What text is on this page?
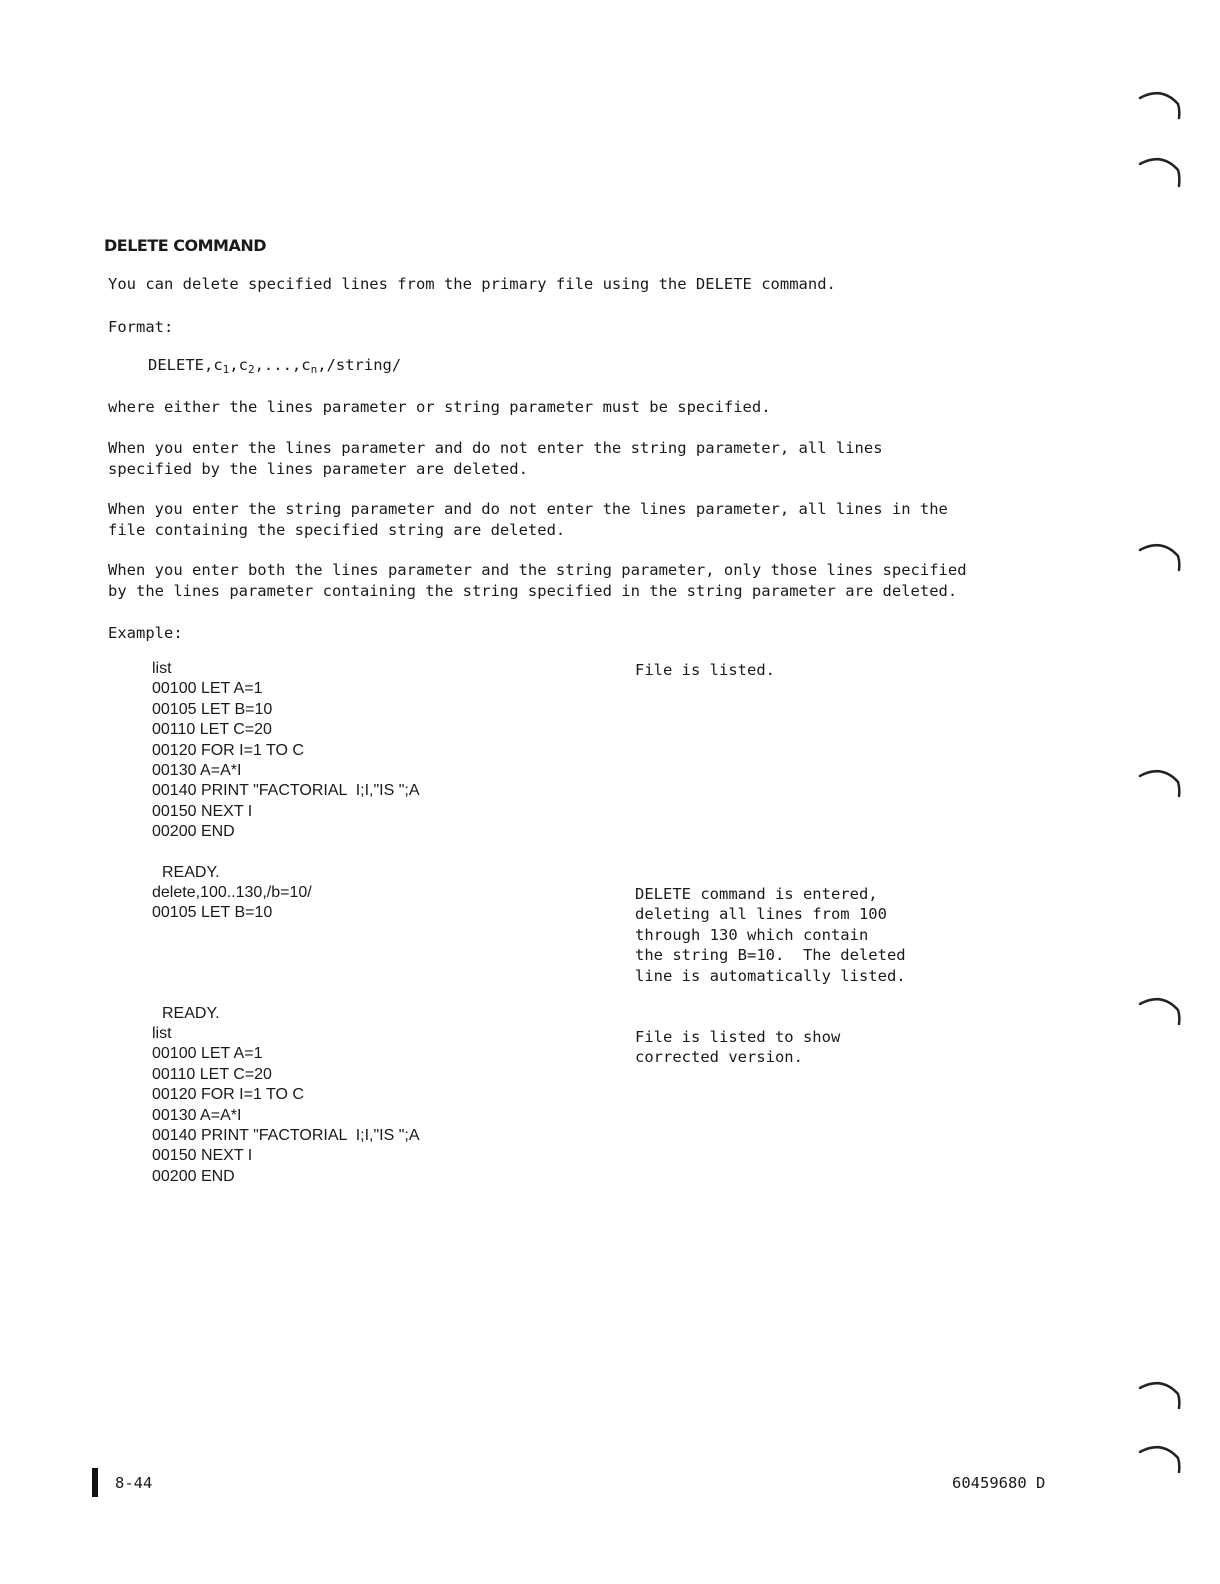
DELETE COMMAND

You can delete specified lines from the primary file using the DELETE command.

Format:

$DELETE,c_1,c_2,...,c_n,/string/$

where either the lines parameter or string parameter must be specified.

When you enter the lines parameter and do not enter the string parameter, all lines
specified by the lines parameter are deleted.

When you enter the string parameter and do not enter the lines parameter, all lines in the
file containing the specified string are deleted.

When you enter both the lines parameter and the string parameter, only those lines specified
by the lines parameter containing the string specified in the string parameter are deleted.

Example:

list
00100 LET A=1
00105 LET B=10
00110 LET C=20
00120 FOR I=1 TO C
00130 A=A*I
00140 PRINT "FACTORIAL  I;I,"IS ";A
00150 NEXT I
00200 END
READY.
delete,100..130,/b=10/
00105 LET B=10
READY.
list
00100 LET A=1
00110 LET C=20
00120 FOR I=1 TO C
00130 A=A*I
00140 PRINT "FACTORIAL  I;I,"IS ";A
00150 NEXT I
00200 END
File is listed.
DELETE command is entered,
deleting all lines from 100
through 130 which contain
the string B=10.  The deleted
line is automatically listed.
File is listed to show
corrected version.
8-44	60459680 D
